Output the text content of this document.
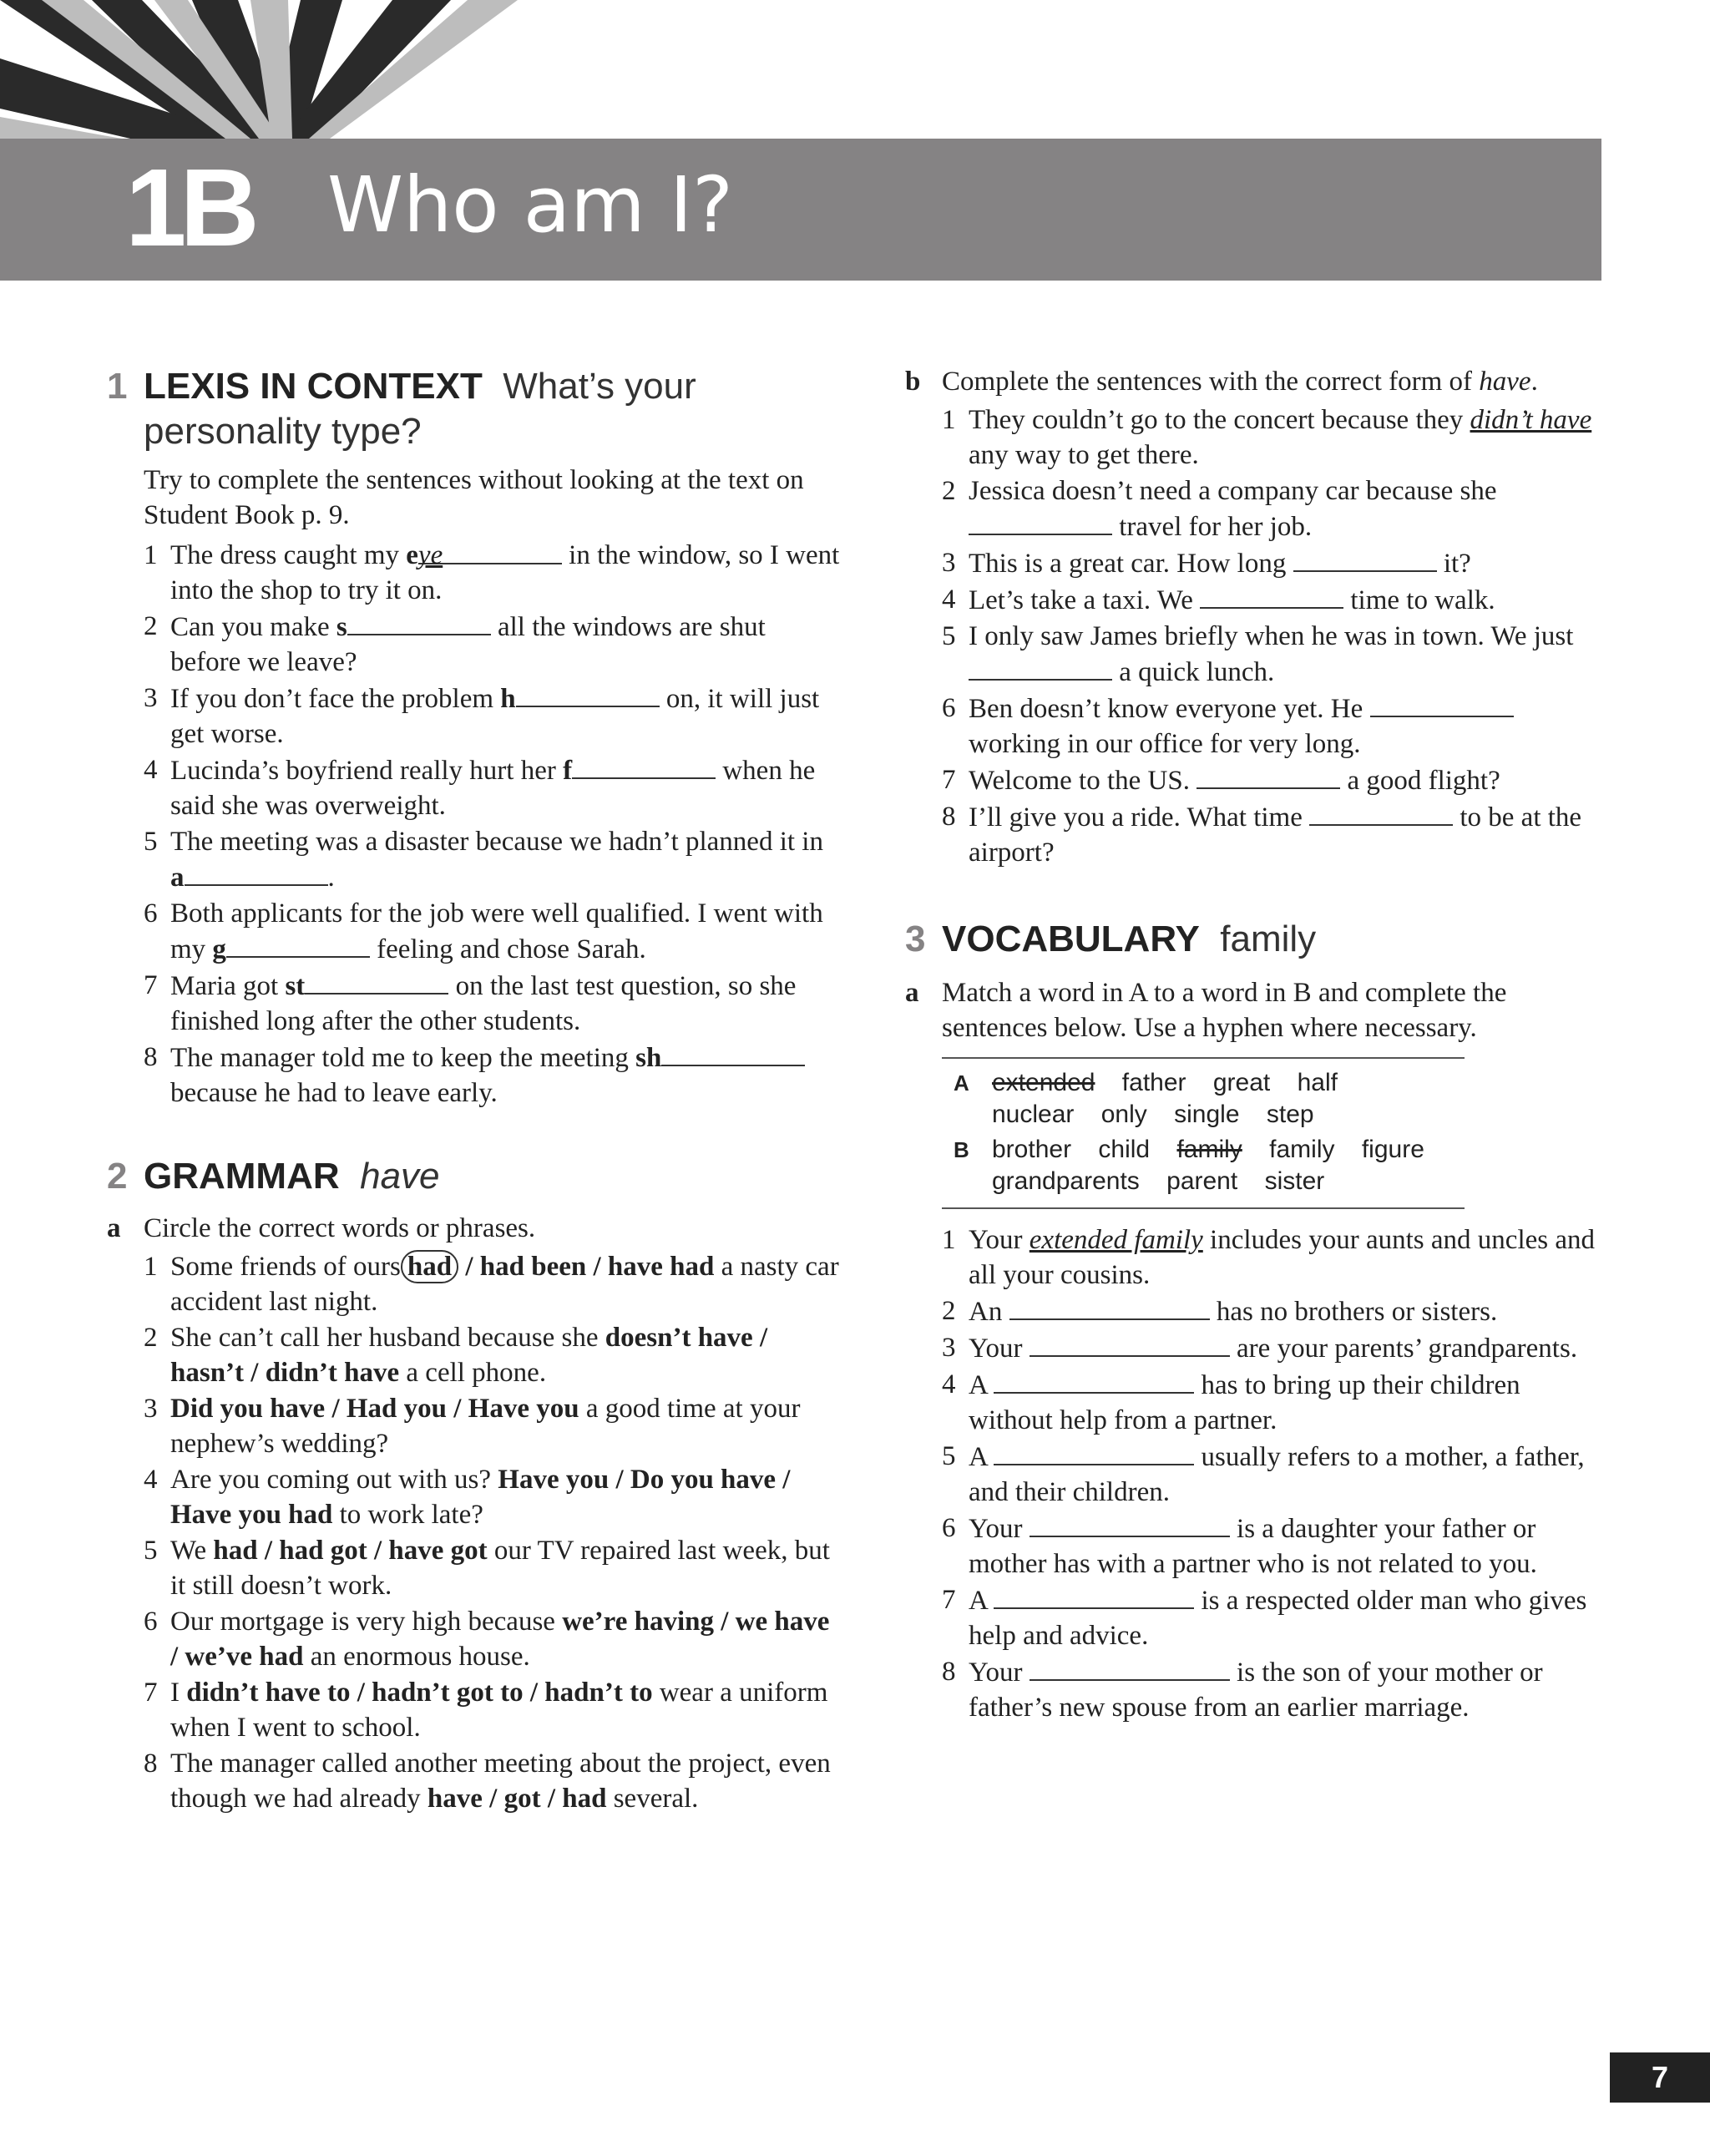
1B Who am I?
1 LEXIS IN CONTEXT What’s your personality type?

Try to complete the sentences without looking at the text on Student Book p. 9.

1 The dress caught my eye	in the window, so I went into the shop to try it on.
2 Can you make s	all the windows are shut before we leave?
3 If you don’t face the problem h	on, it will just get worse.
4 Lucinda’s boyfriend really hurt her f	when he said she was overweight.
5 The meeting was a disaster because we hadn’t planned it in a	.
6 Both applicants for the job were well qualified. I went with my g	feeling and chose Sarah.
7 Maria got st	on the last test question, so she finished long after the other students.
8 The manager told me to keep the meeting sh because he had to leave early.
2 GRAMMAR have

a Circle the correct words or phrases.

1 Some friends of ours had / had been / have had a nasty car accident last night.
2 She can’t call her husband because she doesn’t have / hasn’t / didn’t have a cell phone.
3 Did you have / Had you / Have you a good time at your nephew’s wedding?
4 Are you coming out with us? Have you / Do you have / Have you had to work late?
5 We had / had got / have got our TV repaired last week, but it still doesn’t work.
6 Our mortgage is very high because we’re having / we have / we’ve had an enormous house.
7 I didn’t have to / hadn’t got to / hadn’t to wear a uniform when I went to school.
8 The manager called another meeting about the project, even though we had already have / got / had several.

b Complete the sentences with the correct form of have.

1 They couldn’t go to the concert because they didn’t have any way to get there.
2 Jessica doesn’t need a company car because she  travel for her job.
3 This is a great car. How long	it?
4 Let’s take a taxi. We	time to walk.
5 I only saw James briefly when he was in town. We just  a quick lunch.
6 Ben doesn’t know everyone yet. He  working in our office for very long.
7 Welcome to the US.	a good flight?
8 I’ll give you a ride. What time	to be at the airport?
3 VOCABULARY family

a Match a word in A to a word in B and complete the sentences below. Use a hyphen where necessary.

A extended father great half nuclear only single step

B brother child family family figure grandparents parent sister

1 Your extended family includes your aunts and uncles and all your cousins.
2 An	has no brothers or sisters.
3 Your	are your parents’ grandparents.
4 A	has to bring up their children without help from a partner.
5 A	usually refers to a mother, a father, and their children.
6 Your	is a daughter your father or mother has with a partner who is not related to you.
7 A	is a respected older man who gives help and advice.
8 Your	is the son of your mother or father’s new spouse from an earlier marriage.
7
